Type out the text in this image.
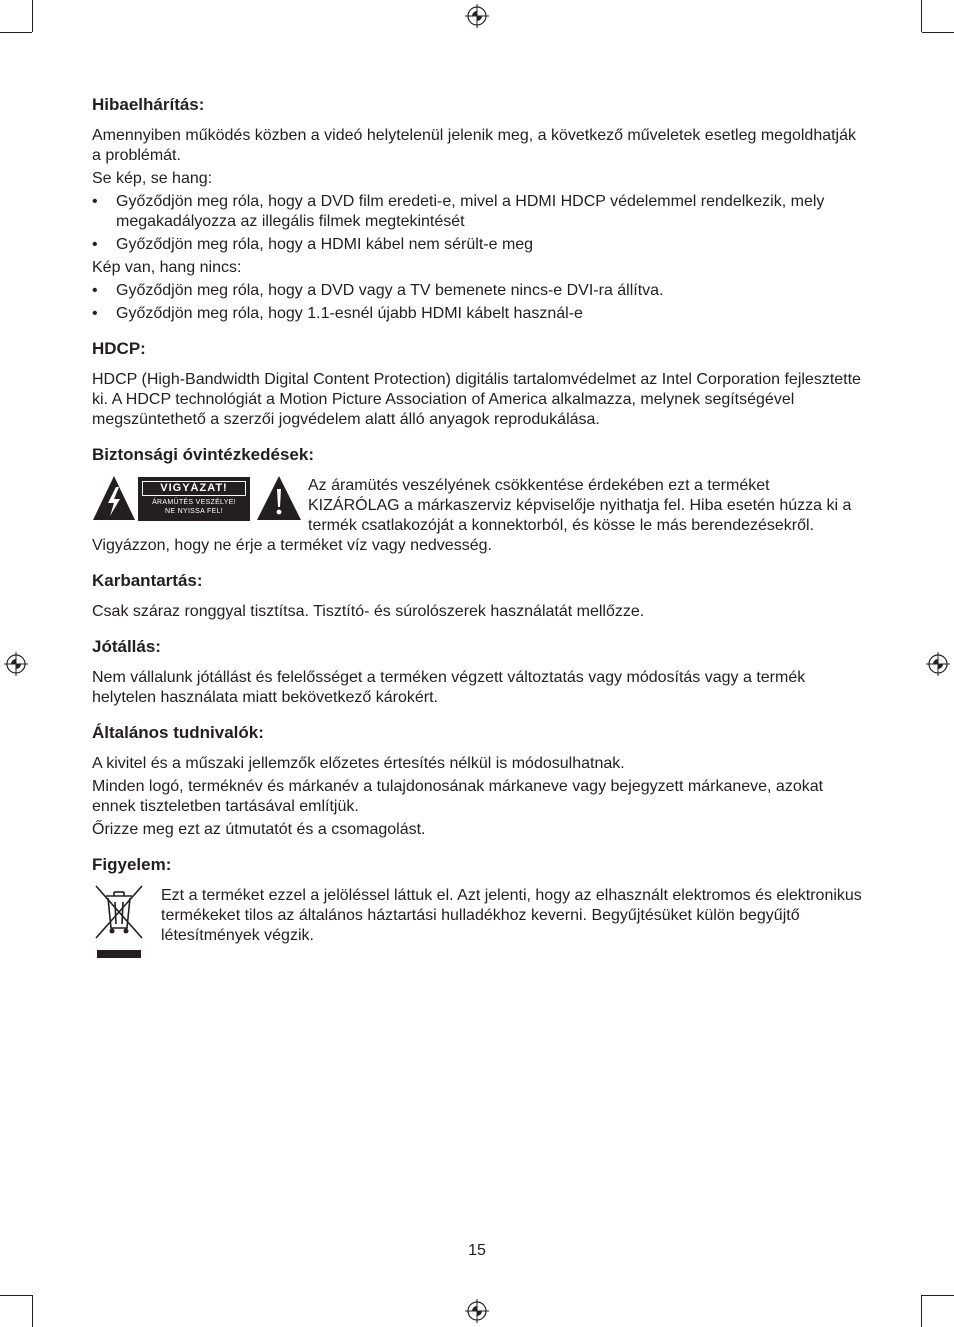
Hibaelhárítás:

Amennyiben működés közben a videó helytelenül jelenik meg, a következő műveletek esetleg megoldhatják a problémát.

Se kép, se hang:

• Győződjön meg róla, hogy a DVD film eredeti-e, mivel a HDMI HDCP védelemmel rendelkezik, mely megakadályozza az illegális filmek megtekintését
• Győződjön meg róla, hogy a HDMI kábel nem sérült-e meg

Kép van, hang nincs:

• Győződjön meg róla, hogy a DVD vagy a TV bemenete nincs-e DVI-ra állítva.
• Győződjön meg róla, hogy 1.1-esnél újabb HDMI kábelt használ-e
HDCP:

HDCP (High-Bandwidth Digital Content Protection) digitális tartalomvédelmet az Intel Corporation fejlesztette ki. A HDCP technológiát a Motion Picture Association of America alkalmazza, melynek segítségével megszüntethető a szerzői jogvédelem alatt álló anyagok reprodukálása.

Biztonsági óvintézkedések:
VIGYÁZAT!
ÁRAMÜTÉS VESZÉLYE!
NE NYISSA FEL!

Az áramütés veszélyének csökkentése érdekében ezt a terméket KIZÁRÓLAG a márkaszerviz képviselője nyithatja fel. Hiba esetén húzza ki a termék csatlakozóját a konnektorból, és kösse le más berendezésekről. Vigyázzon, hogy ne érje a terméket víz vagy nedvesség.

Karbantartás:

Csak száraz ronggyal tisztítsa. Tisztító- és súrolószerek használatát mellőzze.

Jótállás:

Nem vállalunk jótállást és felelősséget a terméken végzett változtatás vagy módosítás vagy a termék helytelen használata miatt bekövetkező károkért.

Általános tudnivalók:

A kivitel és a műszaki jellemzők előzetes értesítés nélkül is módosulhatnak.

Minden logó, terméknév és márkanév a tulajdonosának márkaneve vagy bejegyzett márkaneve, azokat ennek tiszteletben tartásával említjük.

Őrizze meg ezt az útmutatót és a csomagolást.

Figyelem:

Ezt a terméket ezzel a jelöléssel láttuk el. Azt jelenti, hogy az elhasznált elektromos és elektronikus termékeket tilos az általános háztartási hulladékhoz keverni. Begyűjtésüket külön begyűjtő létesítmények végzik.

15
